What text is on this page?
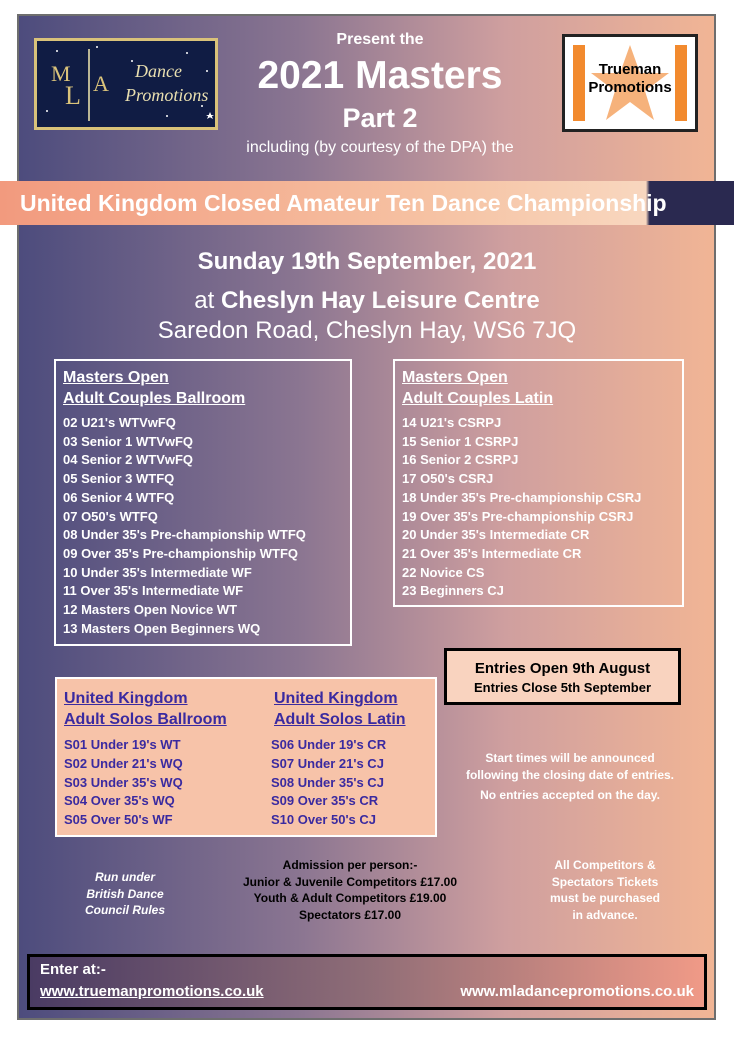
M
L A Dance
Promotions
Trueman
Promotions
Present the
2021 Masters
Part 2
including (by courtesy of the DPA) the
United Kingdom Closed Amateur Ten Dance Championship
Sunday 19th September, 2021
at Cheslyn Hay Leisure Centre
Saredon Road, Cheslyn Hay, WS6 7JQ
Masters Open
Adult Couples Ballroom
02 U21's WTVwFQ
03 Senior 1 WTVwFQ
04 Senior 2 WTVwFQ
05 Senior 3 WTFQ
06 Senior 4 WTFQ
07 O50's WTFQ
08 Under 35's Pre-championship WTFQ
09 Over 35's Pre-championship WTFQ
10 Under 35's Intermediate WF
11 Over 35's Intermediate WF
12 Masters Open Novice WT
13 Masters Open Beginners WQ
Masters Open
Adult Couples Latin
14 U21's CSRPJ
15 Senior 1 CSRPJ
16 Senior 2 CSRPJ
17 O50's CSRJ
18 Under 35's Pre-championship CSRJ
19 Over 35's Pre-championship CSRJ
20 Under 35's Intermediate CR
21 Over 35's Intermediate CR
22 Novice CS
23 Beginners CJ
Entries Open 9th August
Entries Close 5th September
United Kingdom
Adult Solos Ballroom
S01 Under 19's WT
S02 Under 21's WQ
S03 Under 35's WQ
S04 Over 35's WQ
S05 Over 50's WF
United Kingdom
Adult Solos Latin
S06 Under 19's CR
S07 Under 21's CJ
S08 Under 35's CJ
S09 Over 35's CR
S10 Over 50's CJ
Start times will be announced
following the closing date of entries.
No entries accepted on the day.
Run under
British Dance
Council Rules
Admission per person:-
Junior & Juvenile Competitors £17.00
Youth & Adult Competitors £19.00
Spectators £17.00
All Competitors &
Spectators Tickets
must be purchased
in advance.
Enter at:-
www.truemanpromotions.co.uk	www.mladancepromotions.co.uk
